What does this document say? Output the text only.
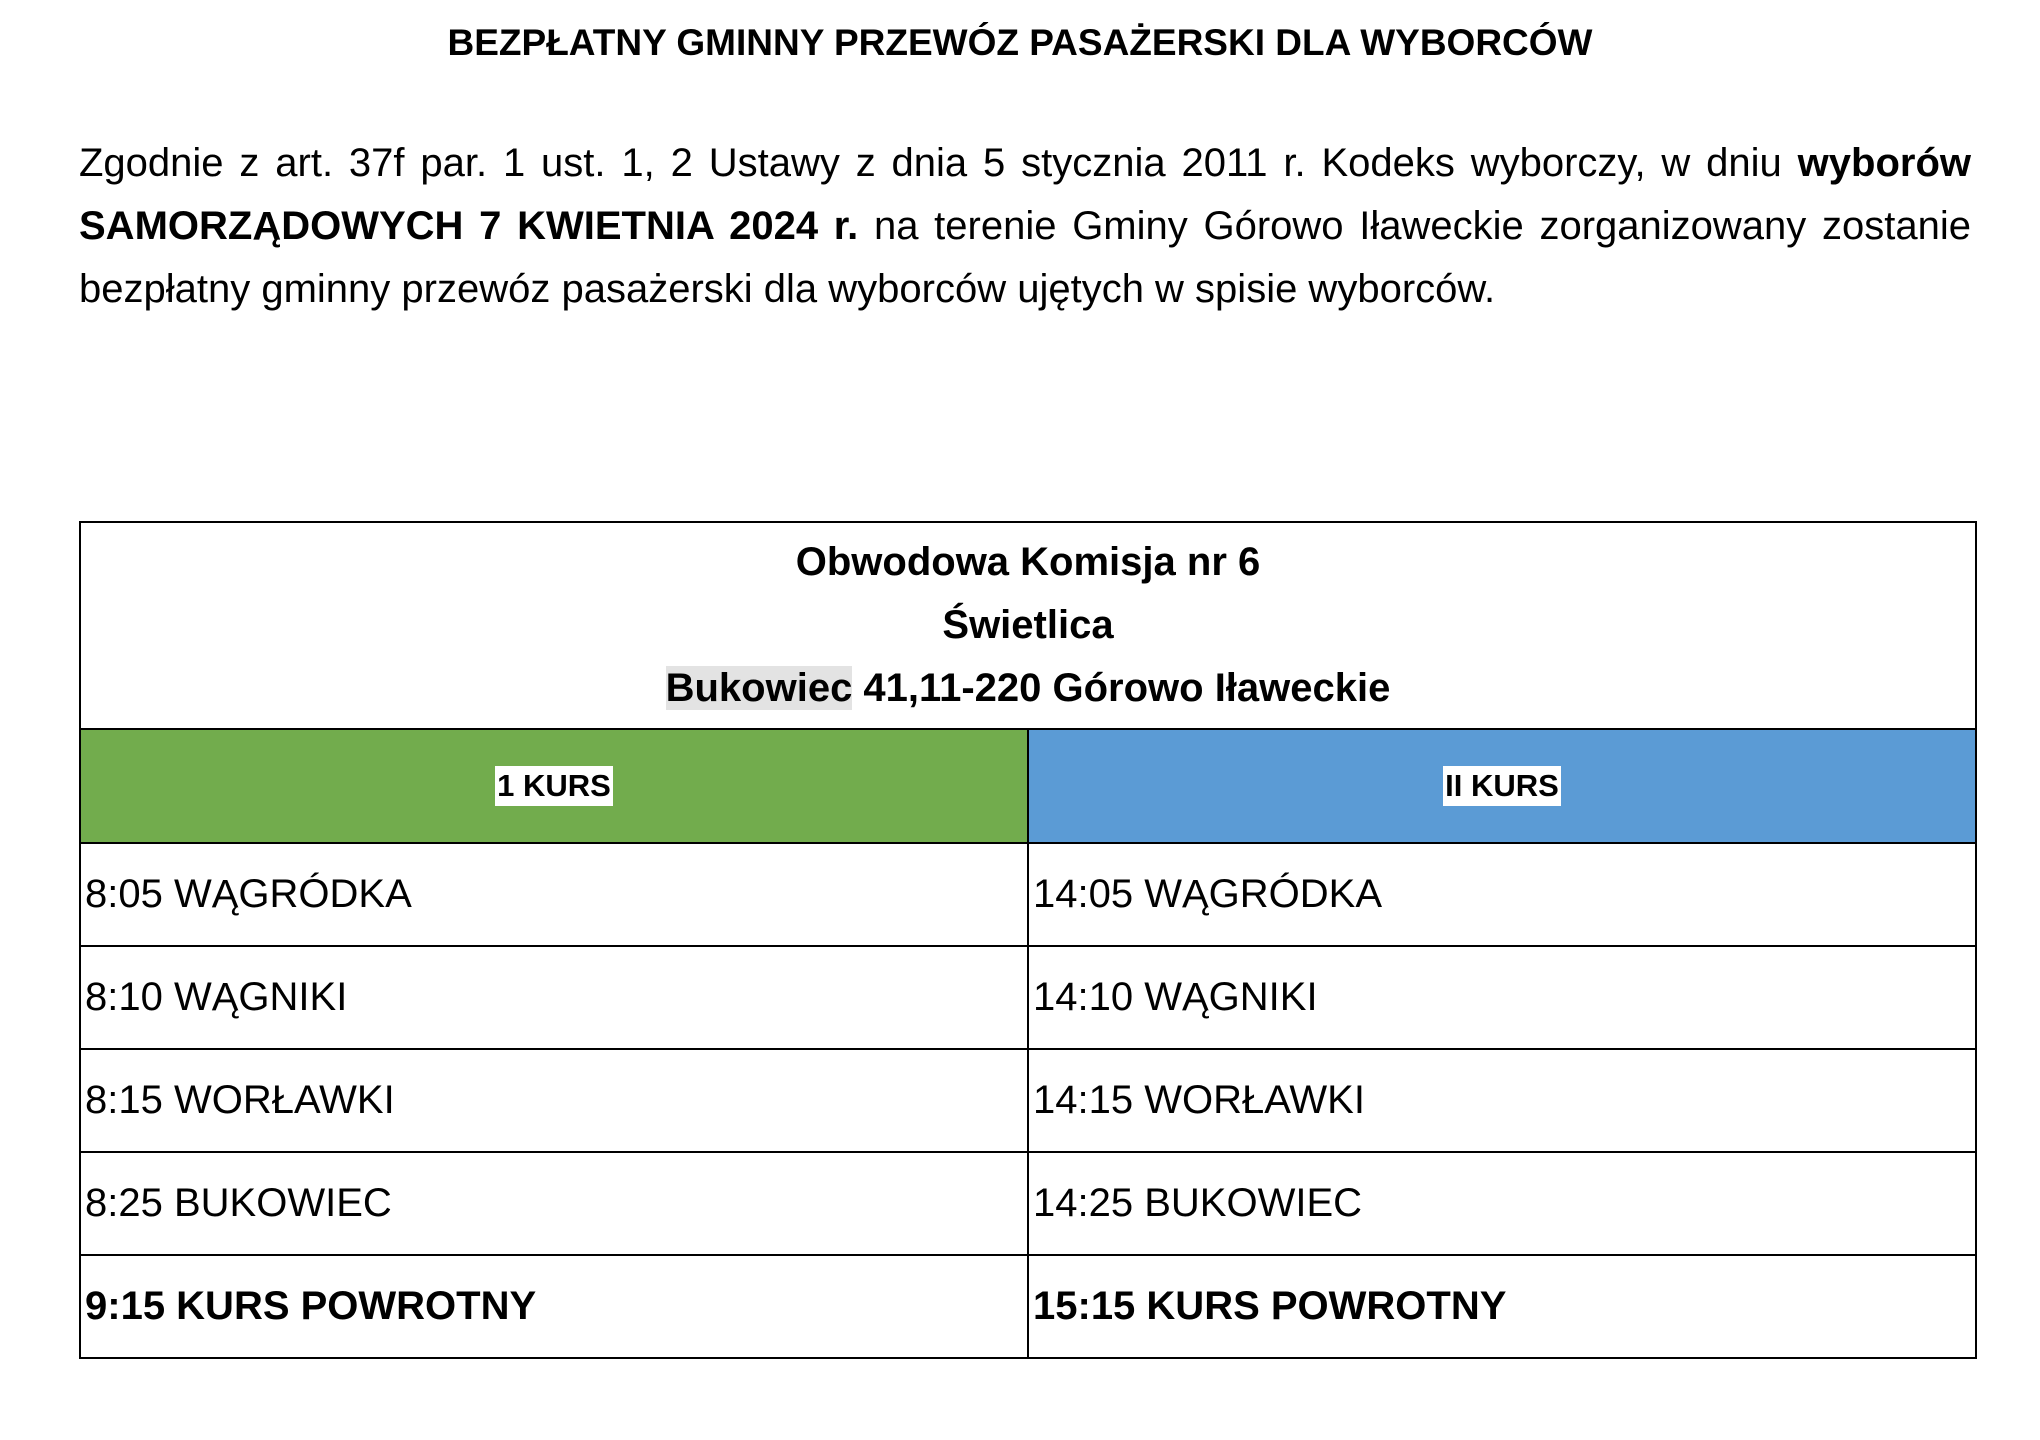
BEZPŁATNY GMINNY PRZEWÓZ PASAŻERSKI DLA WYBORCÓW
Zgodnie z art. 37f par. 1 ust. 1, 2 Ustawy z dnia 5 stycznia 2011 r. Kodeks wyborczy, w dniu wyborów SAMORZĄDOWYCH 7 KWIETNIA 2024 r. na terenie Gminy Górowo Iławeckie zorganizowany zostanie bezpłatny gminny przewóz pasażerski dla wyborców ujętych w spisie wyborców.
Obwodowa Komisja nr 6
Świetlica
Bukowiec 41,11-220 Górowo Iławeckie	

1 KURS	II KURS
8:05 WĄGRÓDKA	14:05 WĄGRÓDKA
8:10 WĄGNIKI	14:10 WĄGNIKI
8:15 WORŁAWKI	14:15 WORŁAWKI
8:25 BUKOWIEC	14:25 BUKOWIEC
9:15 KURS POWROTNY	15:15 KURS POWROTNY
